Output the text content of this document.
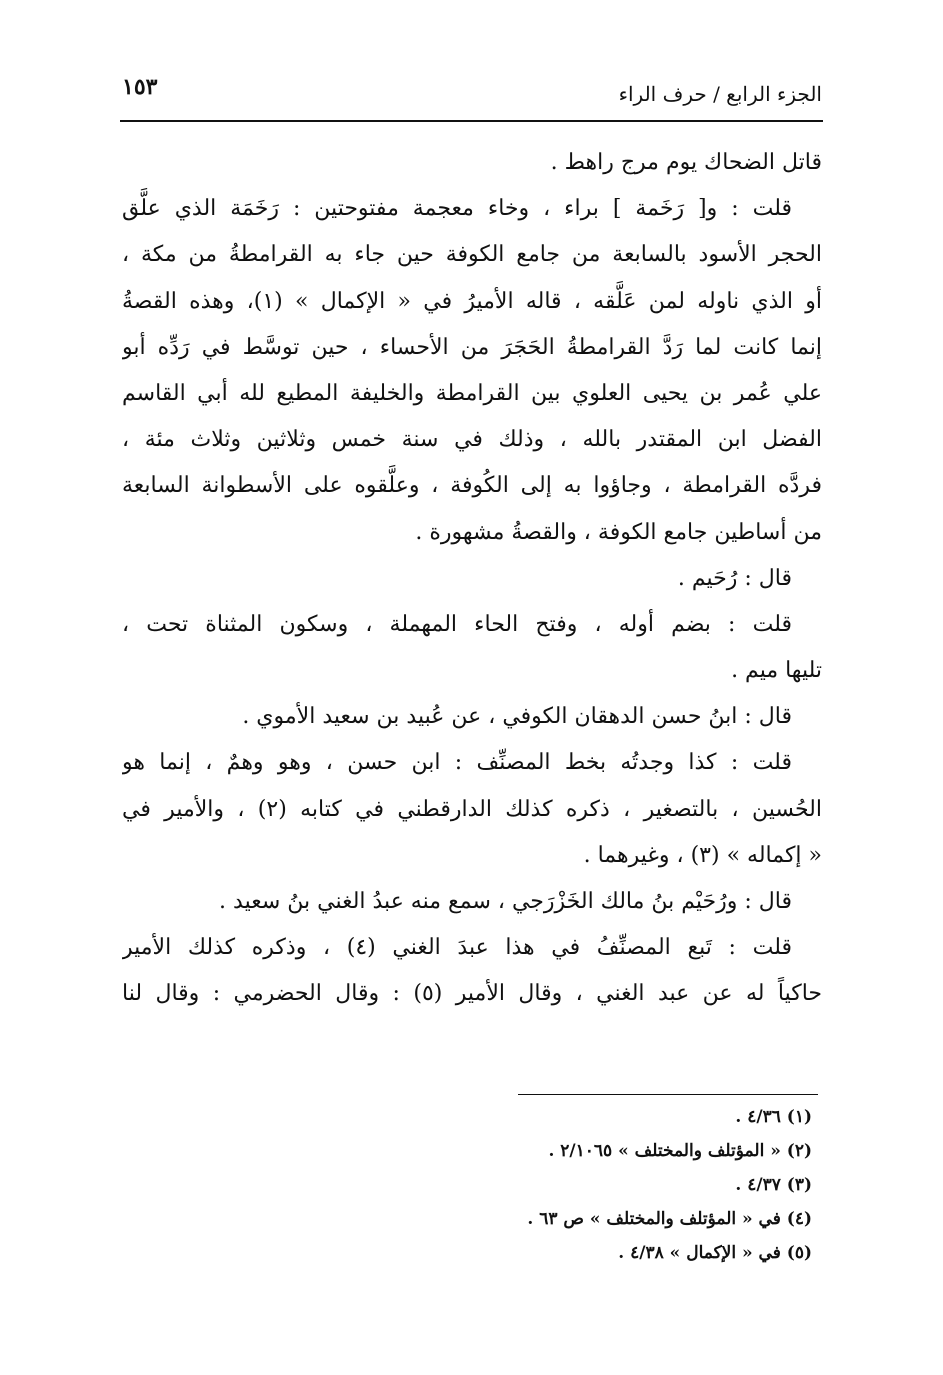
الجزء الرابع / حرف الراء
١٥٣
قاتل الضحاك يوم مرج راهط .
قلت : و[ رَخَمة ] براء ، وخاء معجمة مفتوحتين : رَخَمَة الذي علَّق
الحجر الأسود بالسابعة من جامع الكوفة حين جاء به القرامطةُ من مكة ،
أو الذي ناوله لمن عَلَّقه ، قاله الأميرُ في « الإكمال » (١)، وهذه القصةُ
إنما كانت لما رَدَّ القرامطةُ الحَجَرَ من الأحساء ، حين توسَّط في رَدِّه أبو
علي عُمر بن يحيى العلوي بين القرامطة والخليفة المطيع لله أبي القاسم
الفضل ابن المقتدر بالله ، وذلك في سنة خمس وثلاثين وثلاث مئة ،
فردَّه القرامطة ، وجاؤوا به إلى الكُوفة ، وعلَّقوه على الأسطوانة السابعة
من أساطين جامع الكوفة ، والقصةُ مشهورة .
قال : رُحَيم .
قلت : بضم أوله ، وفتح الحاء المهملة ، وسكون المثناة تحت ،
تليها ميم .
قال : ابنُ حسن الدهقان الكوفي ، عن عُبيد بن سعيد الأموي .
قلت : كذا وجدتُه بخط المصنِّف : ابن حسن ، وهو وهمٌ ، إنما هو
الحُسين ، بالتصغير ، ذكره كذلك الدارقطني في كتابه (٢) ، والأمير في
« إكماله » (٣) ، وغيرهما .
قال : ورُحَيْم بنُ مالك الخَزْرَجي ، سمع منه عبدُ الغني بنُ سعيد .
قلت : تَبع المصنِّفُ في هذا عبدَ الغني (٤) ، وذكره كذلك الأمير
حاكياً له عن عبد الغني ، وقال الأمير (٥) : وقال الحضرمي : وقال لنا
(١) ٤/٣٦ .
(٢) « المؤتلف والمختلف » ٢/١٠٦٥ .
(٣) ٤/٣٧ .
(٤) في « المؤتلف والمختلف » ص ٦٣ .
(٥) في « الإكمال » ٤/٣٨ .
